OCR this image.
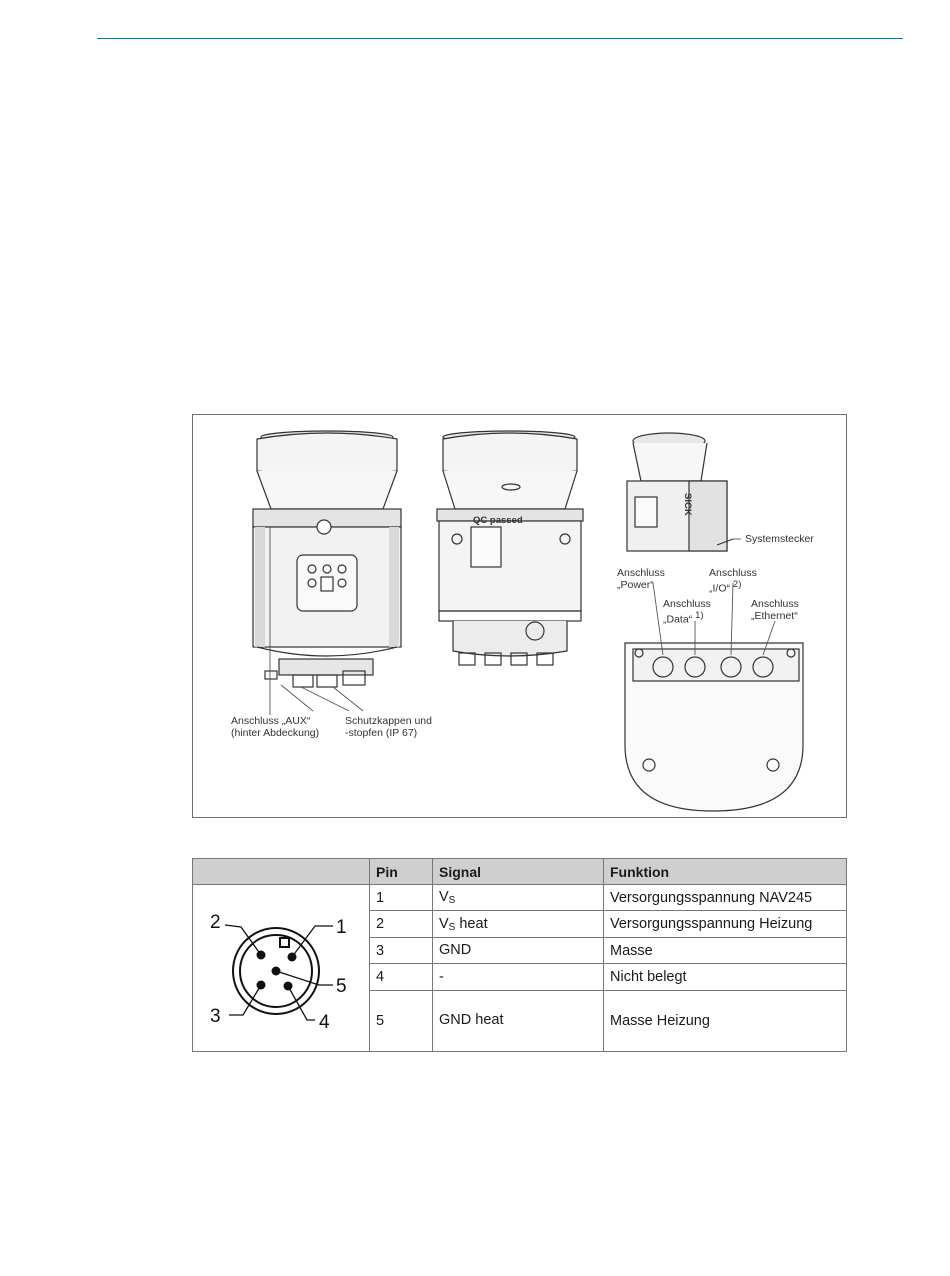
Anschluss „AUX“
(hinter Abdeckung)
Schutzkappen und
-stopfen (IP 67)
Systemstecker
Anschluss
„Power“
Anschluss
„I/O“ $^{2)}$
Anschluss
„Data“ $^{1)}$
Anschluss
„Ethernet“
SICK
QC passed
	Pin	Signal	Funktion

1
2
3 4
5	1	$V_S$	Versorgungsspannung NAV245
	2	$V_S$ heat	Versorgungsspannung Heizung
	3	GND	Masse
	4	-	Nicht belegt
	5	GND heat	Masse Heizung
